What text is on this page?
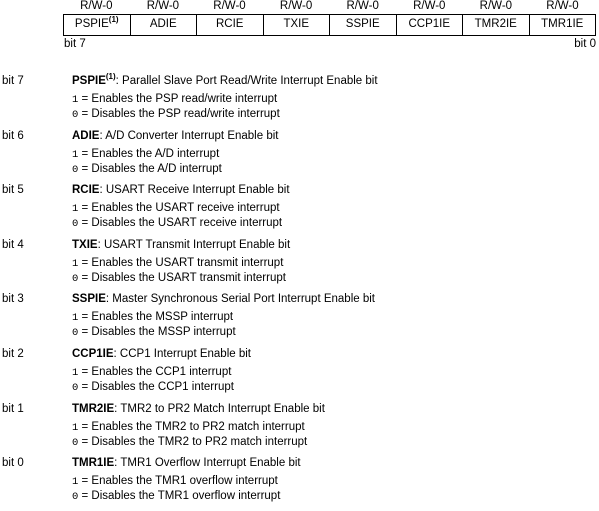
R/W-0	R/W-0	R/W-0	R/W-0	R/W-0	R/W-0	R/W-0	R/W-0
PSPIE$^{(1)}$	ADIE	RCIE	TXIE	SSPIE	CCP1IE	TMR2IE	TMR1IE
bit 7	bit 0
bit 7	PSPIE$^{(1)}$: Parallel Slave Port Read/Write Interrupt Enable bit
1 = Enables the PSP read/write interrupt
0 = Disables the PSP read/write interrupt
bit 6	ADIE: A/D Converter Interrupt Enable bit
1 = Enables the A/D interrupt
0 = Disables the A/D interrupt
bit 5	RCIE: USART Receive Interrupt Enable bit
1 = Enables the USART receive interrupt
0 = Disables the USART receive interrupt
bit 4	TXIE: USART Transmit Interrupt Enable bit
1 = Enables the USART transmit interrupt
0 = Disables the USART transmit interrupt
bit 3	SSPIE: Master Synchronous Serial Port Interrupt Enable bit
1 = Enables the MSSP interrupt
0 = Disables the MSSP interrupt
bit 2	CCP1IE: CCP1 Interrupt Enable bit
1 = Enables the CCP1 interrupt
0 = Disables the CCP1 interrupt
bit 1	TMR2IE: TMR2 to PR2 Match Interrupt Enable bit
1 = Enables the TMR2 to PR2 match interrupt
0 = Disables the TMR2 to PR2 match interrupt
bit 0	TMR1IE: TMR1 Overflow Interrupt Enable bit
1 = Enables the TMR1 overflow interrupt
0 = Disables the TMR1 overflow interrupt
